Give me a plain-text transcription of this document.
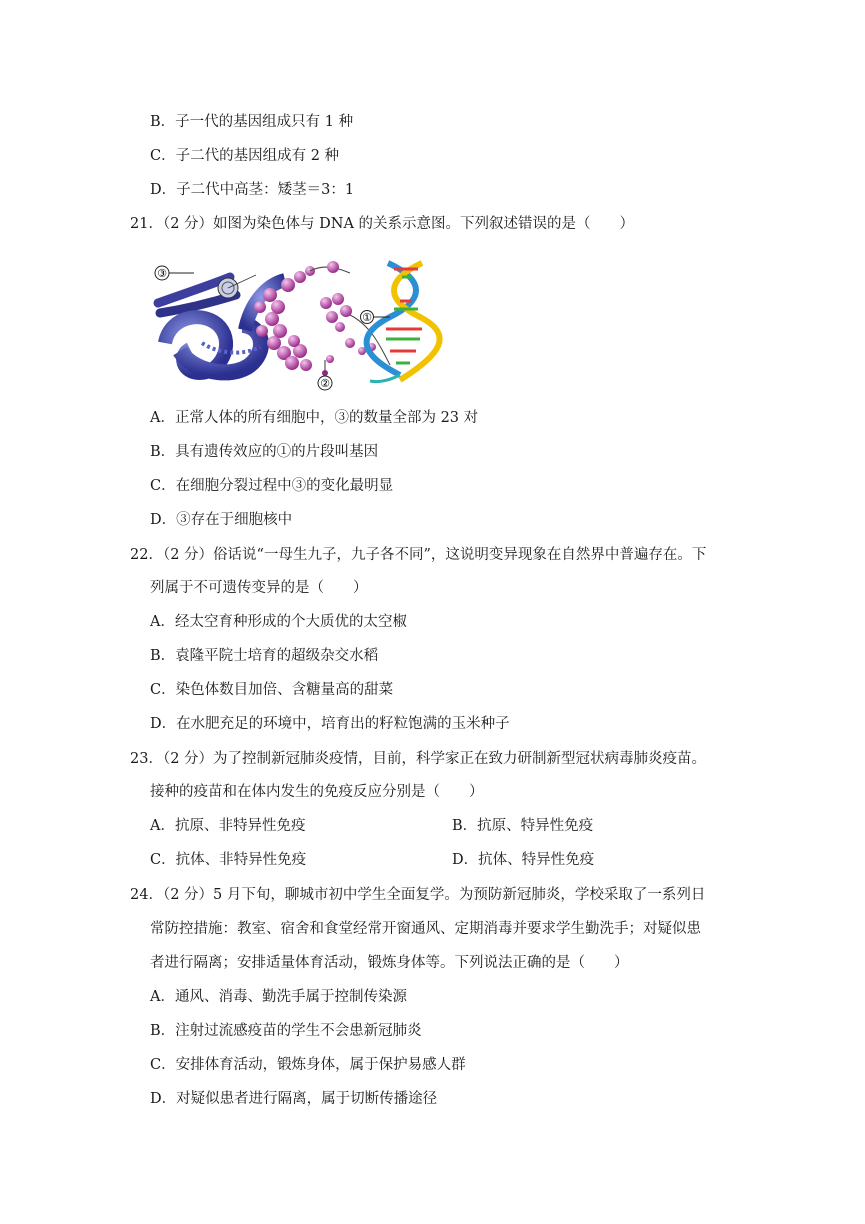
B．子一代的基因组成只有 1 种
C．子二代的基因组成有 2 种
D．子二代中高茎：矮茎＝3：1
21．（2 分）如图为染色体与 DNA 的关系示意图。下列叙述错误的是（　　）
①
②
③
A．正常人体的所有细胞中，③的数量全部为 23 对
B．具有遗传效应的①的片段叫基因
C．在细胞分裂过程中③的变化最明显
D．③存在于细胞核中
22．（2 分）俗话说“一母生九子，九子各不同”，这说明变异现象在自然界中普遍存在。下
列属于不可遗传变异的是（　　）
A．经太空育种形成的个大质优的太空椒
B．袁隆平院士培育的超级杂交水稻
C．染色体数目加倍、含糖量高的甜菜
D．在水肥充足的环境中，培育出的籽粒饱满的玉米种子
23．（2 分）为了控制新冠肺炎疫情，目前，科学家正在致力研制新型冠状病毒肺炎疫苗。
接种的疫苗和在体内发生的免疫反应分别是（　　）
A．抗原、非特异性免疫	B．抗原、特异性免疫
C．抗体、非特异性免疫	D．抗体、特异性免疫
24．（2 分）5 月下旬，聊城市初中学生全面复学。为预防新冠肺炎，学校采取了一系列日
常防控措施：教室、宿舍和食堂经常开窗通风、定期消毒并要求学生勤洗手；对疑似患
者进行隔离；安排适量体育活动，锻炼身体等。下列说法正确的是（　　）
A．通风、消毒、勤洗手属于控制传染源
B．注射过流感疫苗的学生不会患新冠肺炎
C．安排体育活动，锻炼身体，属于保护易感人群
D．对疑似患者进行隔离，属于切断传播途径
